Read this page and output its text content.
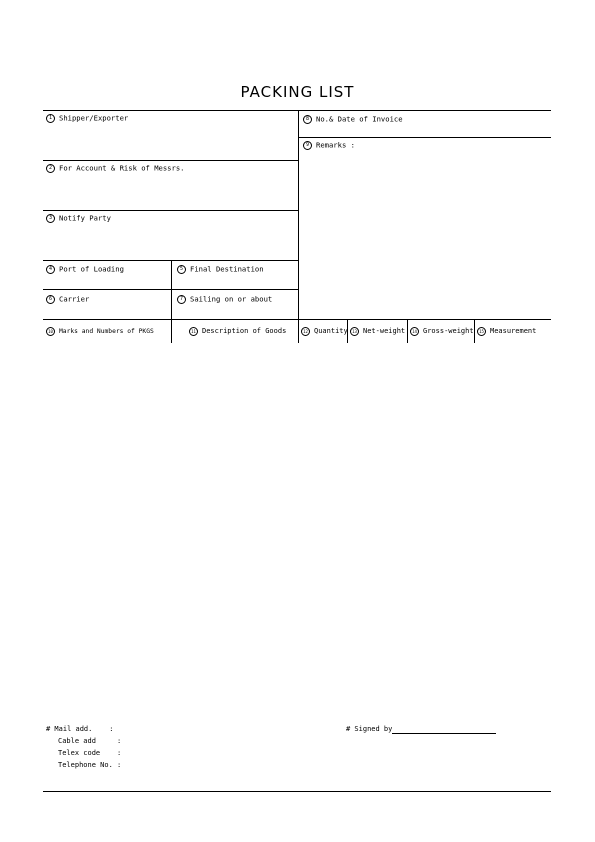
PACKING LIST
1 Shipper/Exporter	8 No.& Date of Invoice
9 Remarks :
2 For Account & Risk of Messrs.
3 Notify Party
4 Port of Loading	5 Final Destination
6 Carrier	7 Sailing on or about
10 Marks and Numbers of PKGS	11 Description of Goods	12 Quantity	13 Net-weight	14 Gross-weight	15 Measurement
# Mail add.    :
Cable add     :
Telex code    :
Telephone No. :
# Signed by
